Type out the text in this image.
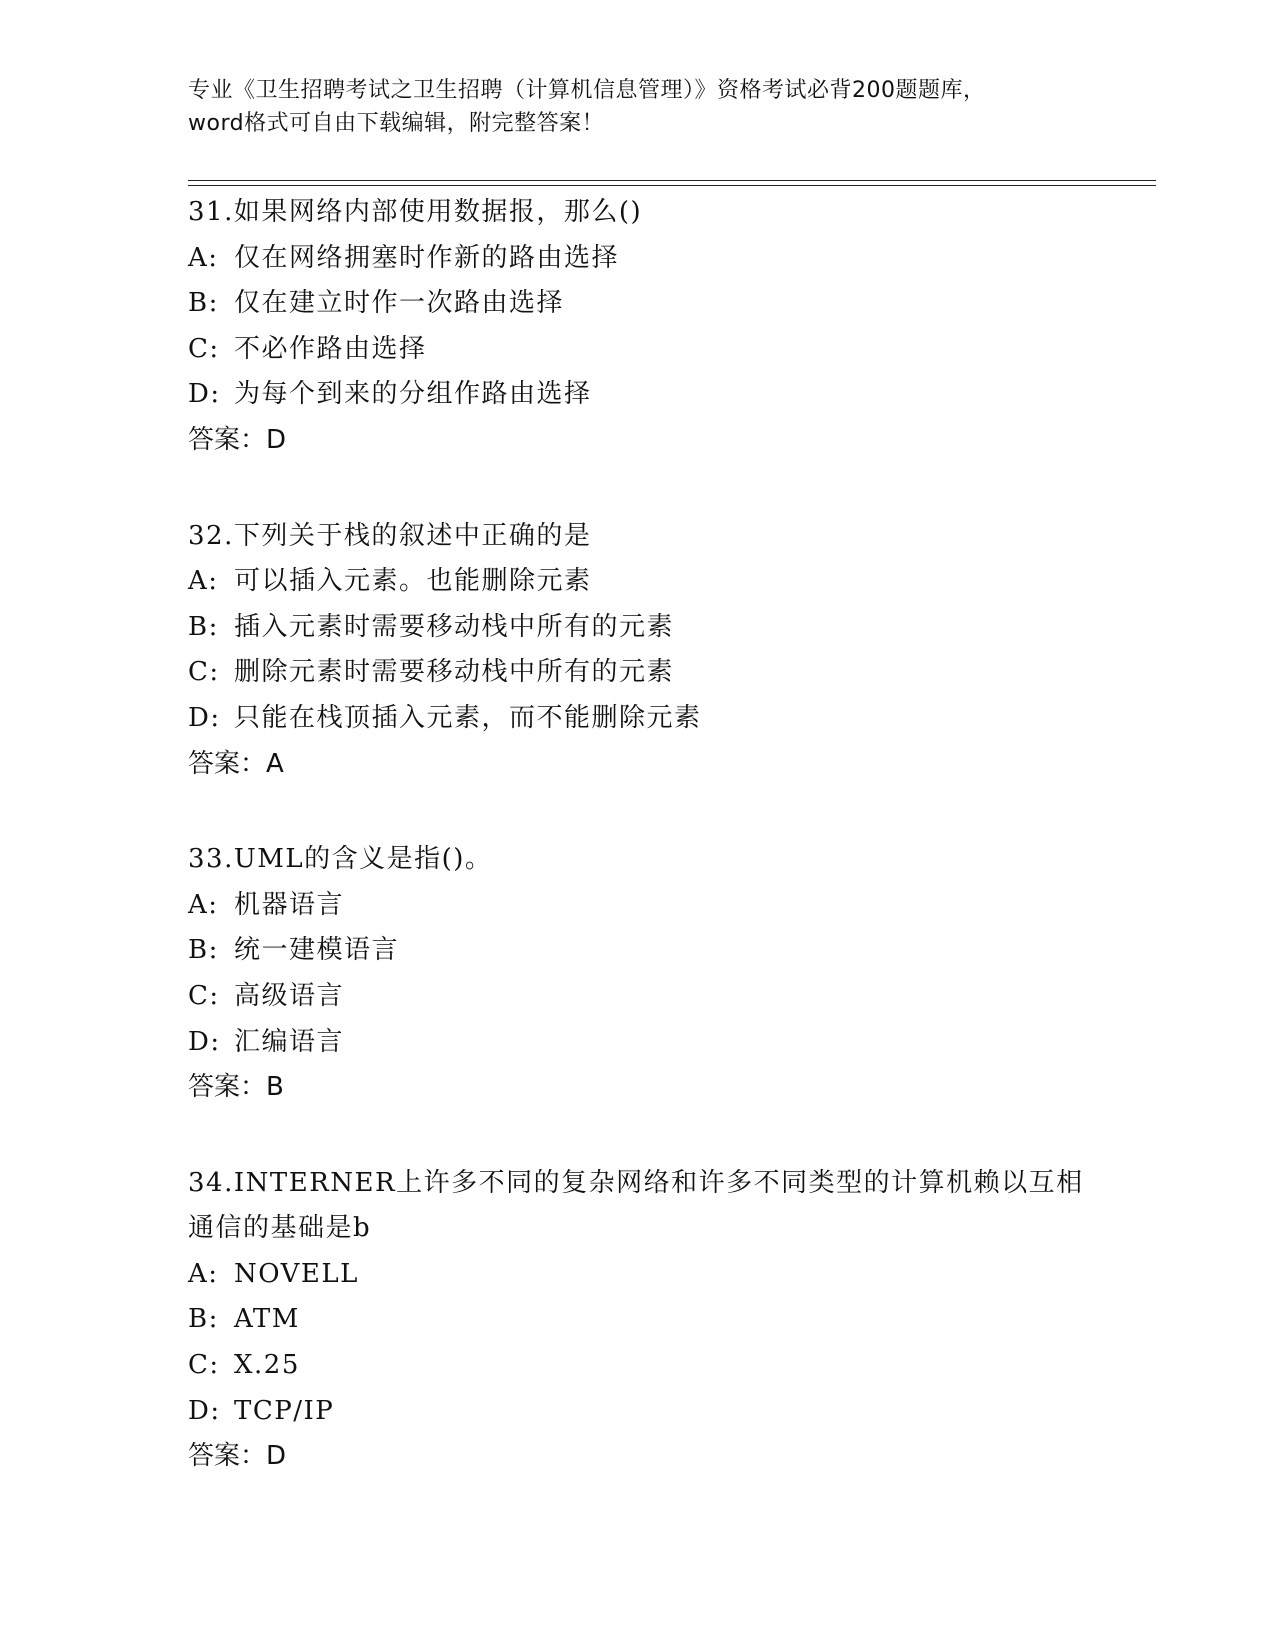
专业《卫生招聘考试之卫生招聘（计算机信息管理）》资格考试必背200题题库，
word格式可自由下载编辑，附完整答案！
31.如果网络内部使用数据报，那么()
A: 仅在网络拥塞时作新的路由选择
B: 仅在建立时作一次路由选择
C: 不必作路由选择
D: 为每个到来的分组作路由选择
答案：D
32.下列关于栈的叙述中正确的是
A: 可以插入元素。也能删除元素
B: 插入元素时需要移动栈中所有的元素
C: 删除元素时需要移动栈中所有的元素
D: 只能在栈顶插入元素，而不能删除元素
答案：A
33.UML的含义是指()。
A: 机器语言
B: 统一建模语言
C: 高级语言
D: 汇编语言
答案：B
34.INTERNER上许多不同的复杂网络和许多不同类型的计算机赖以互相
通信的基础是b
A: NOVELL
B: ATM
C: X.25
D: TCP/IP
答案：D
